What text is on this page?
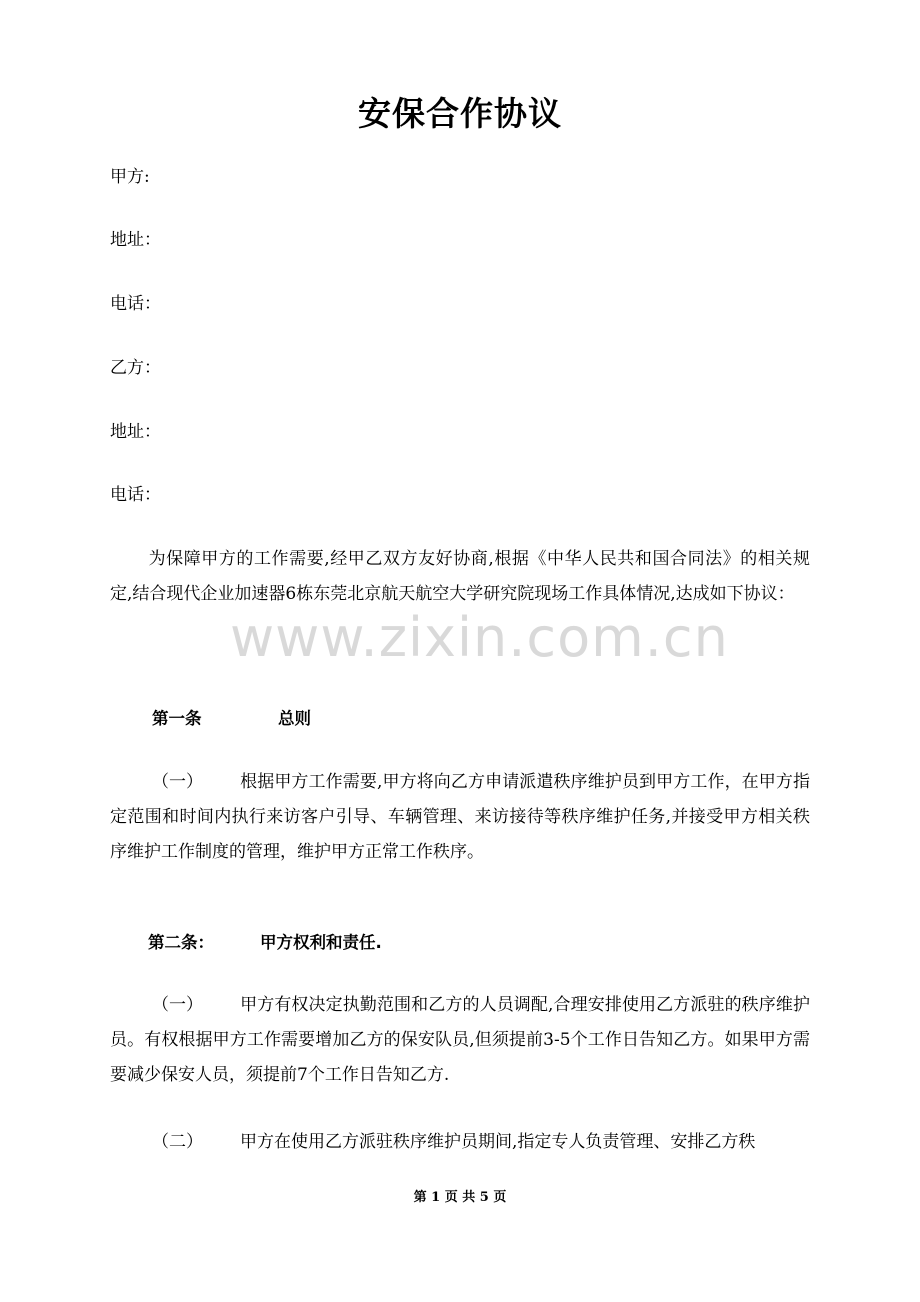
安保合作协议
甲方:
地址：
电话：
乙方：
地址：
电话：
为保障甲方的工作需要,经甲乙双方友好协商,根据《中华人民共和国合同法》的相关规定,结合现代企业加速器6栋东莞北京航天航空大学研究院现场工作具体情况,达成如下协议：
第一条	总则
（一） 根据甲方工作需要,甲方将向乙方申请派遣秩序维护员到甲方工作，在甲方指定范围和时间内执行来访客户引导、车辆管理、来访接待等秩序维护任务,并接受甲方相关秩序维护工作制度的管理，维护甲方正常工作秩序。
第二条：	甲方权利和责任.
（一） 甲方有权决定执勤范围和乙方的人员调配,合理安排使用乙方派驻的秩序维护员。有权根据甲方工作需要增加乙方的保安队员,但须提前3-5个工作日告知乙方。如果甲方需要减少保安人员，须提前7个工作日告知乙方.
（二） 甲方在使用乙方派驻秩序维护员期间,指定专人负责管理、安排乙方秩
www.zixin.com.cn
第 1 页 共 5 页
